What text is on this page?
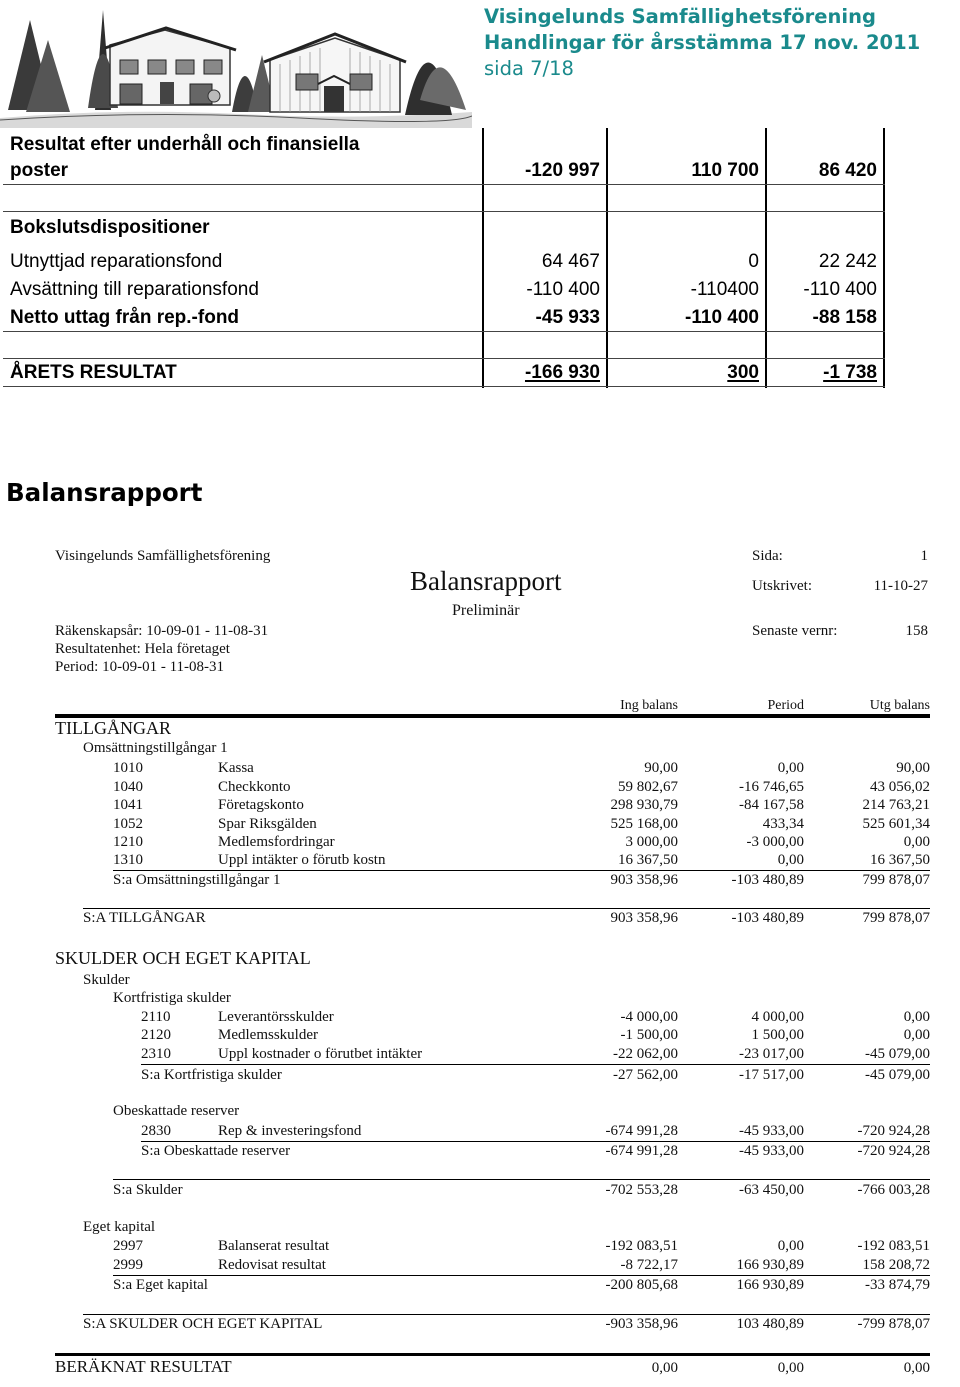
Visingelunds Samfällighetsförening
Handlingar för årsstämma 17 nov. 2011
sida 7/18
Resultat efter underhåll och finansiella
poster	-120 997	110 700	86 420
Bokslutsdispositioner
Utnyttjad reparationsfond	64 467	0	22 242
Avsättning till reparationsfond	-110 400	-110400	-110 400
Netto uttag från rep.-fond	-45 933	-110 400	-88 158
ÅRETS RESULTAT	-166 930	300	-1 738
Balansrapport
Visingelunds Samfällighetsförening
Balansrapport
Preliminär
Sida:	1
Utskrivet:	11-10-27
Senaste vernr:	158
Räkenskapsår: 10-09-01 - 11-08-31
Resultatenhet: Hela företaget
Period: 10-09-01 - 11-08-31
Ing balans	Period	Utg balans
TILLGÅNGAR
Omsättningstillgångar 1
1010	Kassa	90,00	0,00	90,00
1040	Checkkonto	59 802,67	-16 746,65	43 056,02
1041	Företagskonto	298 930,79	-84 167,58	214 763,21
1052	Spar Riksgälden	525 168,00	433,34	525 601,34
1210	Medlemsfordringar	3 000,00	-3 000,00	0,00
1310	Uppl intäkter o förutb kostn	16 367,50	0,00	16 367,50
S:a Omsättningstillgångar 1	903 358,96	-103 480,89	799 878,07
S:A TILLGÅNGAR	903 358,96	-103 480,89	799 878,07
SKULDER OCH EGET KAPITAL
Skulder
Kortfristiga skulder
2110	Leverantörsskulder	-4 000,00	4 000,00	0,00
2120	Medlemsskulder	-1 500,00	1 500,00	0,00
2310	Uppl kostnader o förutbet intäkter	-22 062,00	-23 017,00	-45 079,00
S:a Kortfristiga skulder	-27 562,00	-17 517,00	-45 079,00
Obeskattade reserver
2830	Rep & investeringsfond	-674 991,28	-45 933,00	-720 924,28
S:a Obeskattade reserver	-674 991,28	-45 933,00	-720 924,28
S:a Skulder	-702 553,28	-63 450,00	-766 003,28
Eget kapital
2997	Balanserat resultat	-192 083,51	0,00	-192 083,51
2999	Redovisat resultat	-8 722,17	166 930,89	158 208,72
S:a Eget kapital	-200 805,68	166 930,89	-33 874,79
S:A SKULDER OCH EGET KAPITAL	-903 358,96	103 480,89	-799 878,07
BERÄKNAT RESULTAT	0,00	0,00	0,00
